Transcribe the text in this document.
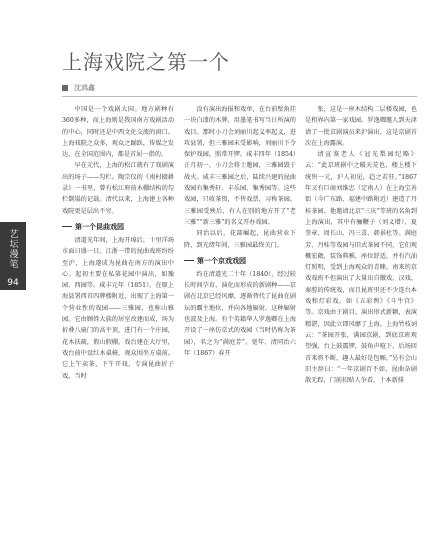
艺坛漫笔
94
上海戏院之第一个
沈鸿鑫

中国是一个戏剧大国。地方剧种有360多种，而上海则是我国南方戏剧活动的中心，同时还是中西文化交流的窗口。上海戏院之众多，观众之踊跃，传媒之发达，在全国范围内，都是首屈一指的。

早在元代，上海的松江就有了戏剧演出的场子——勾栏。陶宗仪的《南村辍耕录》一书里，曾有松江府前木棚结构的勾栏倒塌的记载。清代以来，上海建上各种戏院更是层出不穷。

第一个昆曲戏园

清道光年间，上海开埠后，十里洋场市面日盛一日。江浙一带的昆曲戏班纷纷至沪，上海遂成为昆曲在南方的演出中心。起初主要在私第花园中演出，如豫园、西园等。咸丰元年（1851），在原上海县署西首四牌楼附近，出现了上海第一个营业性的戏园——三雅园，也称山雅园。它由顾姓大族的居室改建而成，场为折叠八扇门的高平顶，进门有一个庄园，花木扶疏，假山假棚。戏台建在大厅里，戏台前中设红木桌椅，观众围坐方桌前。它上午卖茶，下午开戏，专演昆曲折子戏。当时

没有演出海报和戏单，在台前壁角挂一块白漆的木牌，用墨笔书写当日所演的戏目。那时小刀会刘丽川起义率起义，进攻县署，但三雅园未受影响，刘丽川下令保护戏园，照常开锣。咸丰四年（1854）正月初一，小刀会将士邀园，三雅园毁于战火。咸丰三雅园之后，陆续兴建的昆曲戏园有集秀轩、丰乐园、集秀园等。这些戏园，只收茶资，不售戏票，习称茶园。三雅园受殃后，有人在别的地方开了“老三雅”“新三雅”的名义开办戏园。

同治以后，花部崛起，昆曲营业下降，到光绪年间，三雅园最终关门。

第一个京戏戏园

约在清道光二十年（1840），经过较长时间孕育、演化而形成的新剧种——京剧在北京已经风靡，逐渐替代了昆曲在剧坛的霸主地位，并向各地辐射。这种辐射也波及上海。有个英籍华人罗逸卿在上海开设了一座仿京式的戏园（当时仍称为茶园），名之为“满庭芳”。宽年，清同治六年（1867）春开

张，这是一座木结构二层楼戏园，也是租界内第一家戏园。罗逸卿邀人到天津请了一批京剧演员来沪演出，这是京剧首次在上海露演。

清宣鉴老人《冠光梨园纪略》云：“此京班剧中之破天荒也，楼上楼下统售一元，沪人初见，趋之若狂。”1867年又有巨商刘维忠（定南人）在上海宝善街（今广东路、福建中路附近）建造了丹桂茶园。他邀请北京“三庆”等班的名角到上海演出，其中有骊鞭子（刘义增）、夏奎章、周长山、冯三喜、韩景杜等。满庭芳、丹桂等戏园与旧式茶园不同，它们观概宏敞，装饰典雅，座位舒适，并有汽油灯照明，受到上海观众的青睐。南来的京戏戏班不但演出了大量出自徽戏、汉戏、秦腔的传统戏，而且昆班里还不少连台本戏和灯彩戏，如《五彩舆》《斗牛宫》等。京戏由于剧目、演出形式新颖，表演精湛，因此立即风靡了上海。上海竹枝词云：“茶园开张，满园京剧，到底京班观望强，台上鼓震锣，鼓角声喧下，后场回首来将不断，趣人最好是包厢。”另有会山旧主辞曰：“一年京剧百不如，昆曲杂剧散无踪，门前招贴人争看，十本新排
